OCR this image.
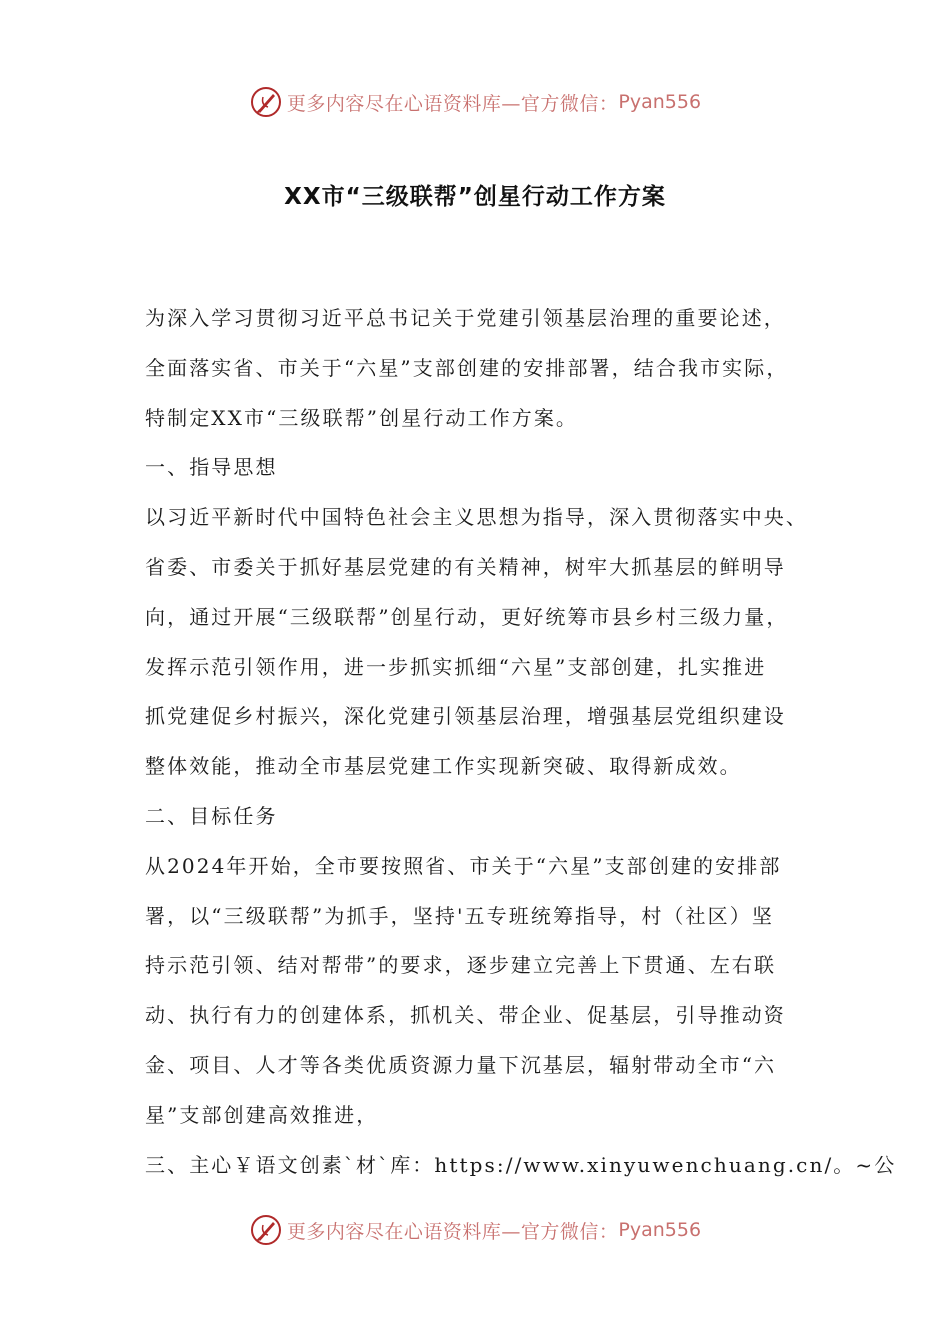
更多内容尽在心语资料库—官方微信： Pyan556
XX市“三级联帮”创星行动工作方案
为深入学习贯彻习近平总书记关于党建引领基层治理的重要论述，
全面落实省、市关于“六星”支部创建的安排部署，结合我市实际，
特制定XX市“三级联帮”创星行动工作方案。
一、指导思想
以习近平新时代中国特色社会主义思想为指导，深入贯彻落实中央、
省委、市委关于抓好基层党建的有关精神，树牢大抓基层的鲜明导
向，通过开展“三级联帮”创星行动，更好统筹市县乡村三级力量，
发挥示范引领作用，进一步抓实抓细“六星”支部创建，扎实推进
抓党建促乡村振兴，深化党建引领基层治理，增强基层党组织建设
整体效能，推动全市基层党建工作实现新突破、取得新成效。
二、目标任务
从2024年开始，全市要按照省、市关于“六星”支部创建的安排部
署，以“三级联帮”为抓手，坚持'五专班统筹指导，村（社区）坚
持示范引领、结对帮带”的要求，逐步建立完善上下贯通、左右联
动、执行有力的创建体系，抓机关、带企业、促基层，引导推动资
金、项目、人才等各类优质资源力量下沉基层，辐射带动全市“六
星”支部创建高效推进，
三、主心￥语文创素`材`库：https://www.xinyuwenchuang.cn/。~公
更多内容尽在心语资料库—官方微信： Pyan556
